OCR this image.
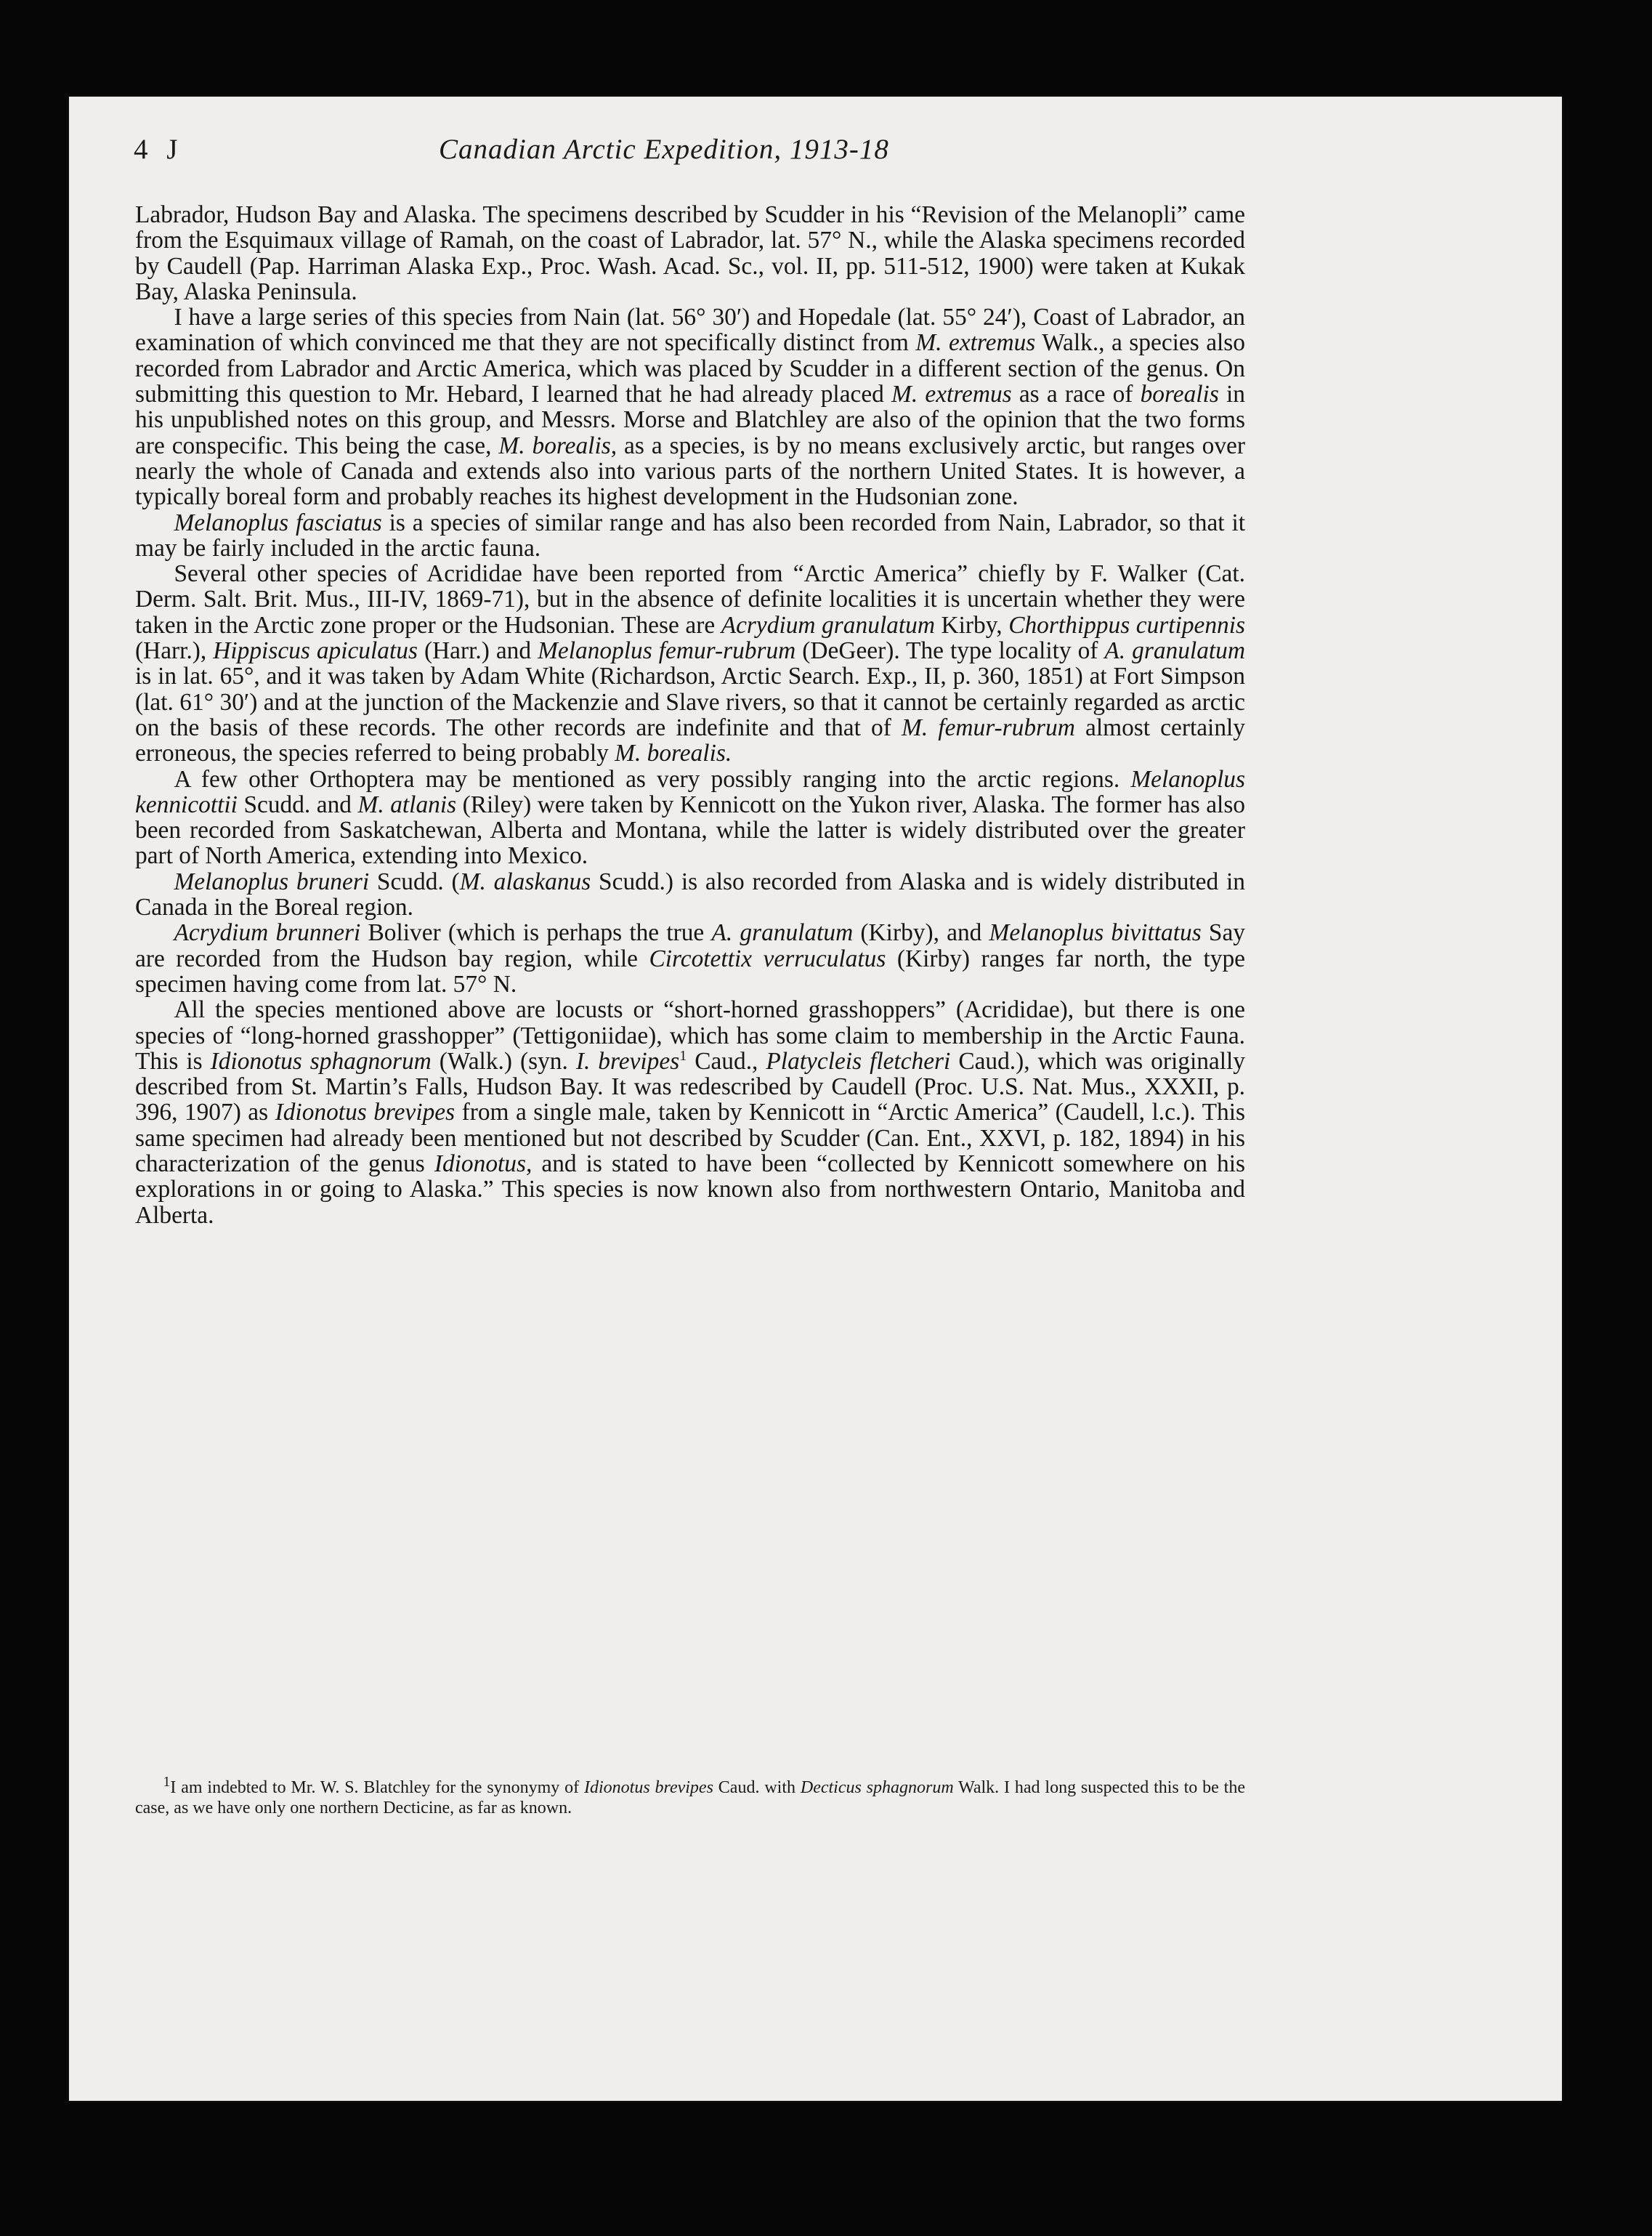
4 J	Canadian Arctic Expedition, 1913-18

Labrador, Hudson Bay and Alaska. The specimens described by Scudder in his “Revision of the Melanopli” came from the Esquimaux village of Ramah, on the coast of Labrador, lat. 57° N., while the Alaska specimens recorded by Caudell (Pap. Harriman Alaska Exp., Proc. Wash. Acad. Sc., vol. II, pp. 511-512, 1900) were taken at Kukak Bay, Alaska Peninsula.

I have a large series of this species from Nain (lat. 56° 30′) and Hopedale (lat. 55° 24′), Coast of Labrador, an examination of which convinced me that they are not specifically distinct from M. extremus Walk., a species also recorded from Labrador and Arctic America, which was placed by Scudder in a different section of the genus. On submitting this question to Mr. Hebard, I learned that he had already placed M. extremus as a race of borealis in his unpublished notes on this group, and Messrs. Morse and Blatchley are also of the opinion that the two forms are conspecific. This being the case, M. borealis, as a species, is by no means exclusively arctic, but ranges over nearly the whole of Canada and extends also into various parts of the northern United States. It is however, a typically boreal form and probably reaches its highest development in the Hudsonian zone.

Melanoplus fasciatus is a species of similar range and has also been recorded from Nain, Labrador, so that it may be fairly included in the arctic fauna.

Several other species of Acrididae have been reported from “Arctic America” chiefly by F. Walker (Cat. Derm. Salt. Brit. Mus., III-IV, 1869-71), but in the absence of definite localities it is uncertain whether they were taken in the Arctic zone proper or the Hudsonian. These are Acrydium granulatum Kirby, Chorthippus curtipennis (Harr.), Hippiscus apiculatus (Harr.) and Melanoplus femur-rubrum (DeGeer). The type locality of A. granulatum is in lat. 65°, and it was taken by Adam White (Richardson, Arctic Search. Exp., II, p. 360, 1851) at Fort Simpson (lat. 61° 30′) and at the junction of the Mackenzie and Slave rivers, so that it cannot be certainly regarded as arctic on the basis of these records. The other records are indefinite and that of M. femur-rubrum almost certainly erroneous, the species referred to being probably M. borealis.

A few other Orthoptera may be mentioned as very possibly ranging into the arctic regions. Melanoplus kennicottii Scudd. and M. atlanis (Riley) were taken by Kennicott on the Yukon river, Alaska. The former has also been recorded from Saskatchewan, Alberta and Montana, while the latter is widely distributed over the greater part of North America, extending into Mexico.

Melanoplus bruneri Scudd. (M. alaskanus Scudd.) is also recorded from Alaska and is widely distributed in Canada in the Boreal region.

Acrydium brunneri Boliver (which is perhaps the true A. granulatum (Kirby), and Melanoplus bivittatus Say are recorded from the Hudson bay region, while Circotettix verruculatus (Kirby) ranges far north, the type specimen having come from lat. 57° N.

All the species mentioned above are locusts or “short-horned grasshoppers” (Acrididae), but there is one species of “long-horned grasshopper” (Tettigoniidae), which has some claim to membership in the Arctic Fauna. This is Idionotus sphagnorum (Walk.) (syn. I. brevipes$^1$ Caud., Platycleis fletcheri Caud.), which was originally described from St. Martin’s Falls, Hudson Bay. It was redescribed by Caudell (Proc. U.S. Nat. Mus., XXXII, p. 396, 1907) as Idionotus brevipes from a single male, taken by Kennicott in “Arctic America” (Caudell, l.c.). This same specimen had already been mentioned but not described by Scudder (Can. Ent., XXVI, p. 182, 1894) in his characterization of the genus Idionotus, and is stated to have been “collected by Kennicott somewhere on his explorations in or going to Alaska.” This species is now known also from northwestern Ontario, Manitoba and Alberta.

$^1$I am indebted to Mr. W. S. Blatchley for the synonymy of Idionotus brevipes Caud. with Decticus sphagnorum Walk. I had long suspected this to be the case, as we have only one northern Decticine, as far as known.
